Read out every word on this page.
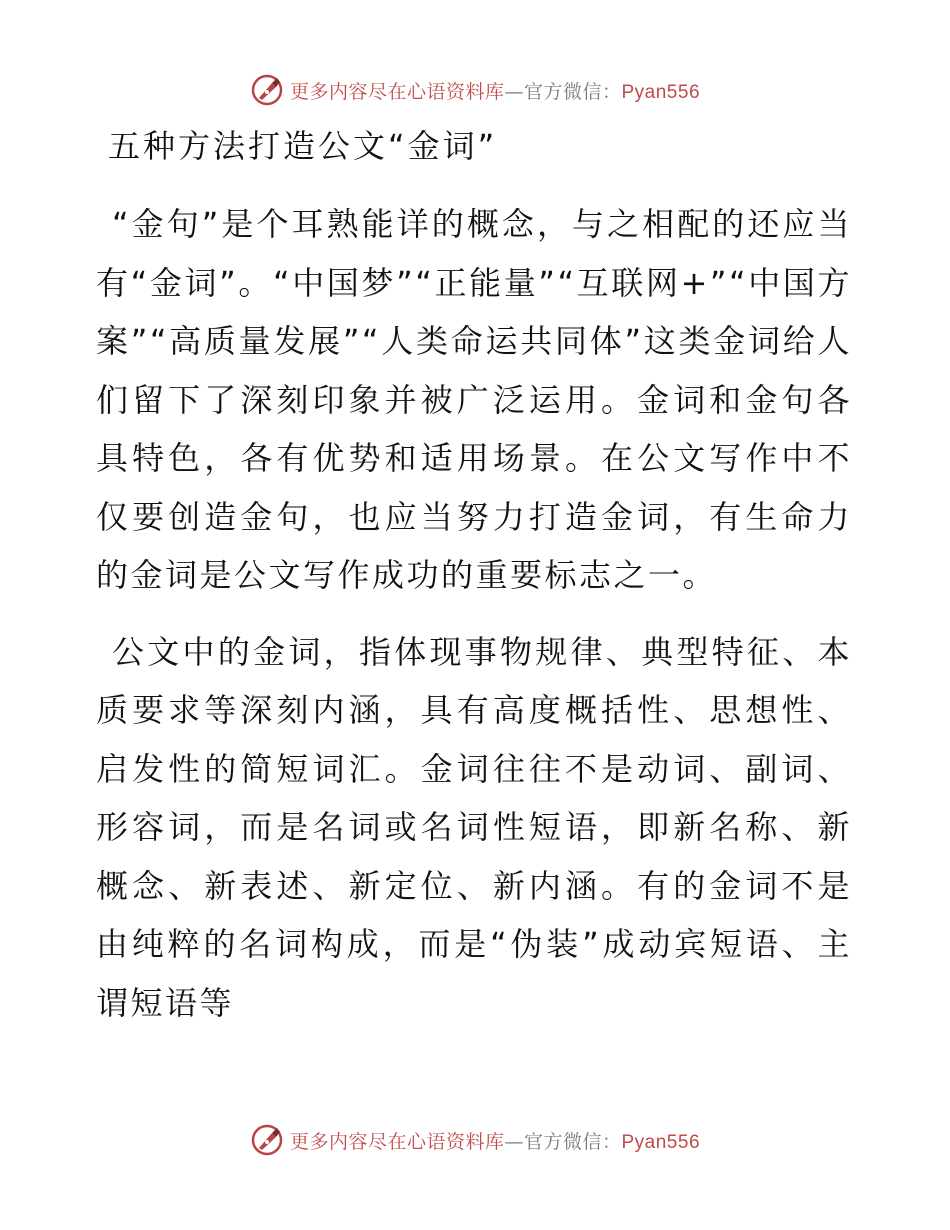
更多内容尽在心语资料库—官方微信：Pyan556
五种方法打造公文“金词”

“金句”是个耳熟能详的概念，与之相配的还应当有“金词”。“中国梦”“正能量”“互联网+”“中国方案”“高质量发展”“人类命运共同体”这类金词给人们留下了深刻印象并被广泛运用。金词和金句各具特色，各有优势和适用场景。在公文写作中不仅要创造金句，也应当努力打造金词，有生命力的金词是公文写作成功的重要标志之一。

公文中的金词，指体现事物规律、典型特征、本质要求等深刻内涵，具有高度概括性、思想性、启发性的简短词汇。金词往往不是动词、副词、形容词，而是名词或名词性短语，即新名称、新概念、新表述、新定位、新内涵。有的金词不是由纯粹的名词构成，而是“伪装”成动宾短语、主谓短语等

更多内容尽在心语资料库—官方微信：Pyan556
